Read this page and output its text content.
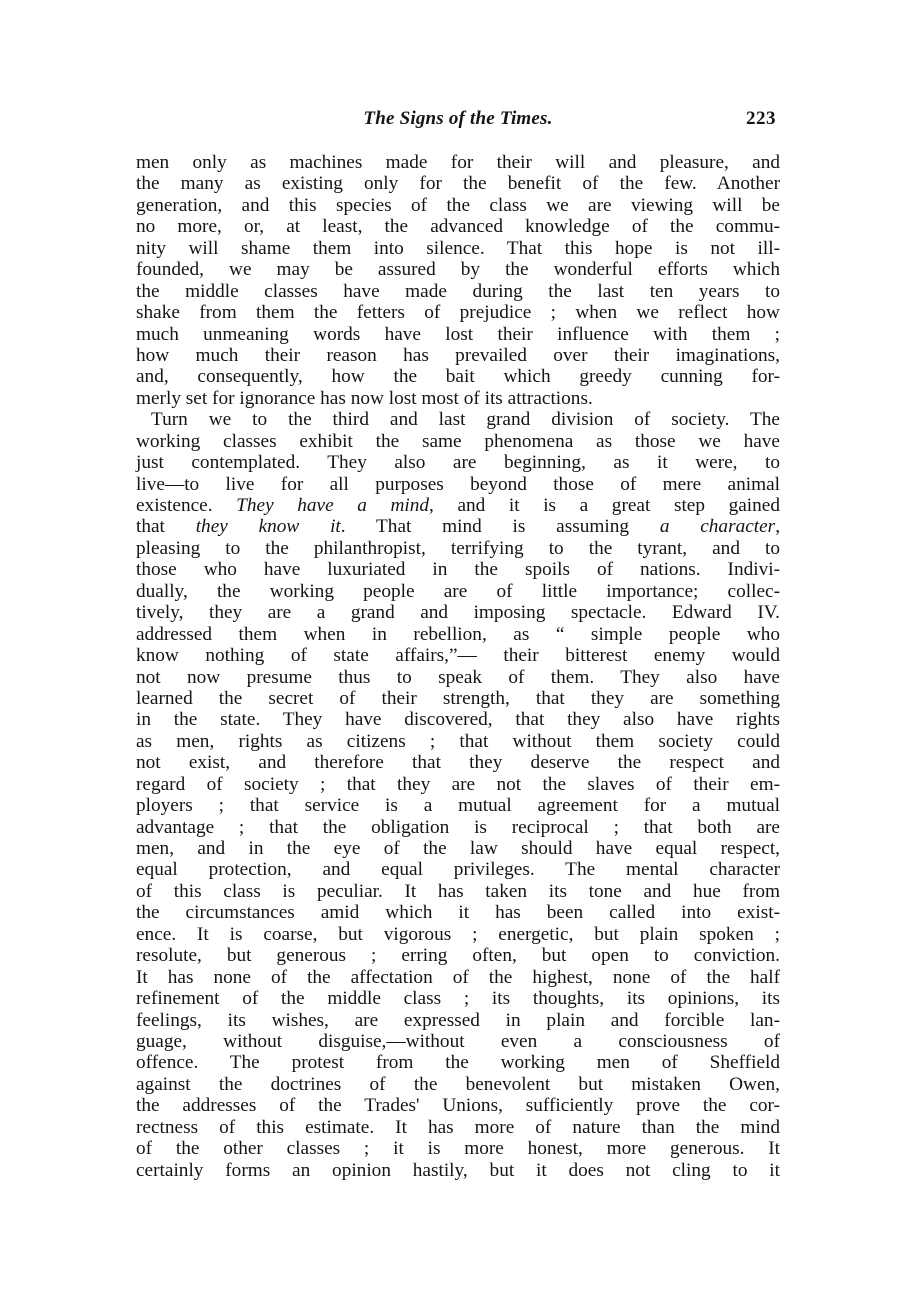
The Signs of the Times.	223
men only as machines made for their will and pleasure, and
the many as existing only for the benefit of the few. Another
generation, and this species of the class we are viewing will be
no more, or, at least, the advanced knowledge of the commu-
nity will shame them into silence. That this hope is not ill-
founded, we may be assured by the wonderful efforts which
the middle classes have made during the last ten years to
shake from them the fetters of prejudice ; when we reflect how
much unmeaning words have lost their influence with them ;
how much their reason has prevailed over their imaginations,
and, consequently, how the bait which greedy cunning for-
merly set for ignorance has now lost most of its attractions.
Turn we to the third and last grand division of society. The
working classes exhibit the same phenomena as those we have
just contemplated. They also are beginning, as it were, to
live—to live for all purposes beyond those of mere animal
existence. They have a mind, and it is a great step gained
that they know it. That mind is assuming a character,
pleasing to the philanthropist, terrifying to the tyrant, and to
those who have luxuriated in the spoils of nations. Indivi-
dually, the working people are of little importance; collec-
tively, they are a grand and imposing spectacle. Edward IV.
addressed them when in rebellion, as “ simple people who
know nothing of state affairs,”— their bitterest enemy would
not now presume thus to speak of them. They also have
learned the secret of their strength, that they are something
in the state. They have discovered, that they also have rights
as men, rights as citizens ; that without them society could
not exist, and therefore that they deserve the respect and
regard of society ; that they are not the slaves of their em-
ployers ; that service is a mutual agreement for a mutual
advantage ; that the obligation is reciprocal ; that both are
men, and in the eye of the law should have equal respect,
equal protection, and equal privileges. The mental character
of this class is peculiar. It has taken its tone and hue from
the circumstances amid which it has been called into exist-
ence. It is coarse, but vigorous ; energetic, but plain spoken ;
resolute, but generous ; erring often, but open to conviction.
It has none of the affectation of the highest, none of the half
refinement of the middle class ; its thoughts, its opinions, its
feelings, its wishes, are expressed in plain and forcible lan-
guage, without disguise,—without even a consciousness of
offence. The protest from the working men of Sheffield
against the doctrines of the benevolent but mistaken Owen,
the addresses of the Trades' Unions, sufficiently prove the cor-
rectness of this estimate. It has more of nature than the mind
of the other classes ; it is more honest, more generous. It
certainly forms an opinion hastily, but it does not cling to it
